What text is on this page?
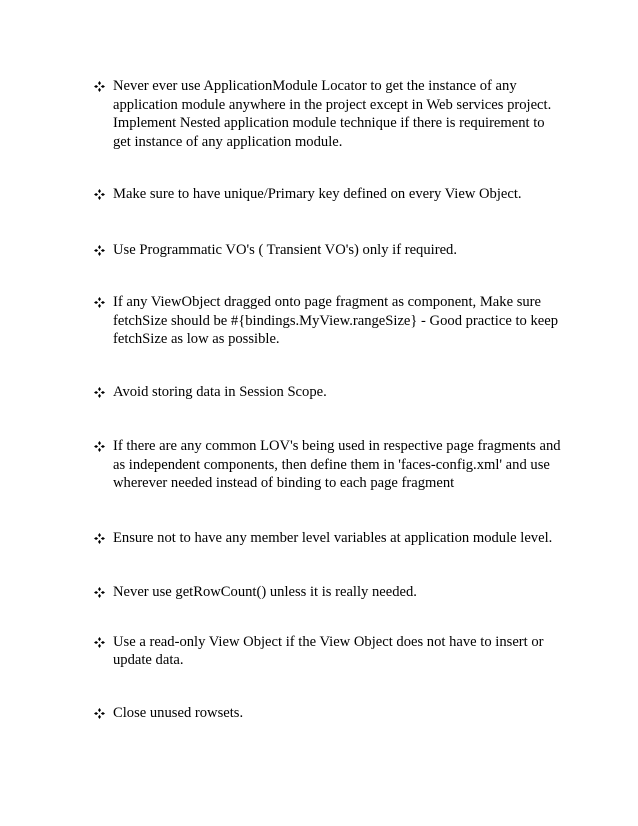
Never ever use ApplicationModule Locator to get the instance of any application module anywhere in the project except in Web services project. Implement Nested application module technique if there is requirement to get instance of any application module.
Make sure to have unique/Primary key defined on every View Object.
Use Programmatic VO's ( Transient VO's) only if required.
If any ViewObject dragged onto page fragment as component, Make sure fetchSize should be #{bindings.MyView.rangeSize} - Good practice to keep fetchSize as low as possible.
Avoid storing data in Session Scope.
If there are any common LOV's being used in respective page fragments and as independent components, then define them in 'faces-config.xml' and use wherever needed instead of binding to each page fragment
Ensure not to have any member level variables at application module level.
Never use getRowCount() unless it is really needed.
Use a read-only View Object if the View Object does not have to insert or update data.
Close unused rowsets.
